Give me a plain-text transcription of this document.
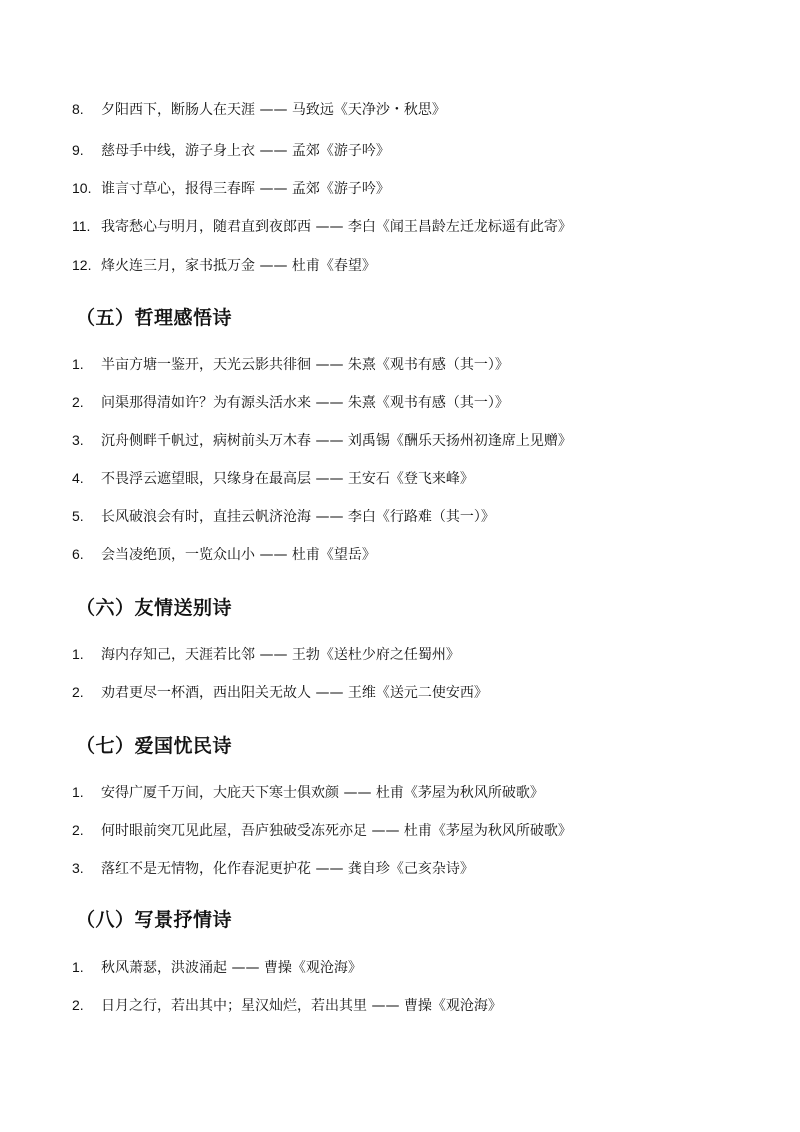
8. 夕阳西下，断肠人在天涯 —— 马致远《天净沙・秋思》
9. 慈母手中线，游子身上衣 —— 孟郊《游子吟》
10. 谁言寸草心，报得三春晖 —— 孟郊《游子吟》
11. 我寄愁心与明月，随君直到夜郎西 —— 李白《闻王昌龄左迁龙标遥有此寄》
12. 烽火连三月，家书抵万金 —— 杜甫《春望》
（五）哲理感悟诗
1. 半亩方塘一鉴开，天光云影共徘徊 —— 朱熹《观书有感（其一）》
2. 问渠那得清如许？为有源头活水来 —— 朱熹《观书有感（其一）》
3. 沉舟侧畔千帆过，病树前头万木春 —— 刘禹锡《酬乐天扬州初逢席上见赠》
4. 不畏浮云遮望眼，只缘身在最高层 —— 王安石《登飞来峰》
5. 长风破浪会有时，直挂云帆济沧海 —— 李白《行路难（其一）》
6. 会当凌绝顶，一览众山小 —— 杜甫《望岳》
（六）友情送别诗
1. 海内存知己，天涯若比邻 —— 王勃《送杜少府之任蜀州》
2. 劝君更尽一杯酒，西出阳关无故人 —— 王维《送元二使安西》
（七）爱国忧民诗
1. 安得广厦千万间，大庇天下寒士俱欢颜 —— 杜甫《茅屋为秋风所破歌》
2. 何时眼前突兀见此屋，吾庐独破受冻死亦足 —— 杜甫《茅屋为秋风所破歌》
3. 落红不是无情物，化作春泥更护花 —— 龚自珍《己亥杂诗》
（八）写景抒情诗
1. 秋风萧瑟，洪波涌起 —— 曹操《观沧海》
2. 日月之行，若出其中；星汉灿烂，若出其里 —— 曹操《观沧海》
